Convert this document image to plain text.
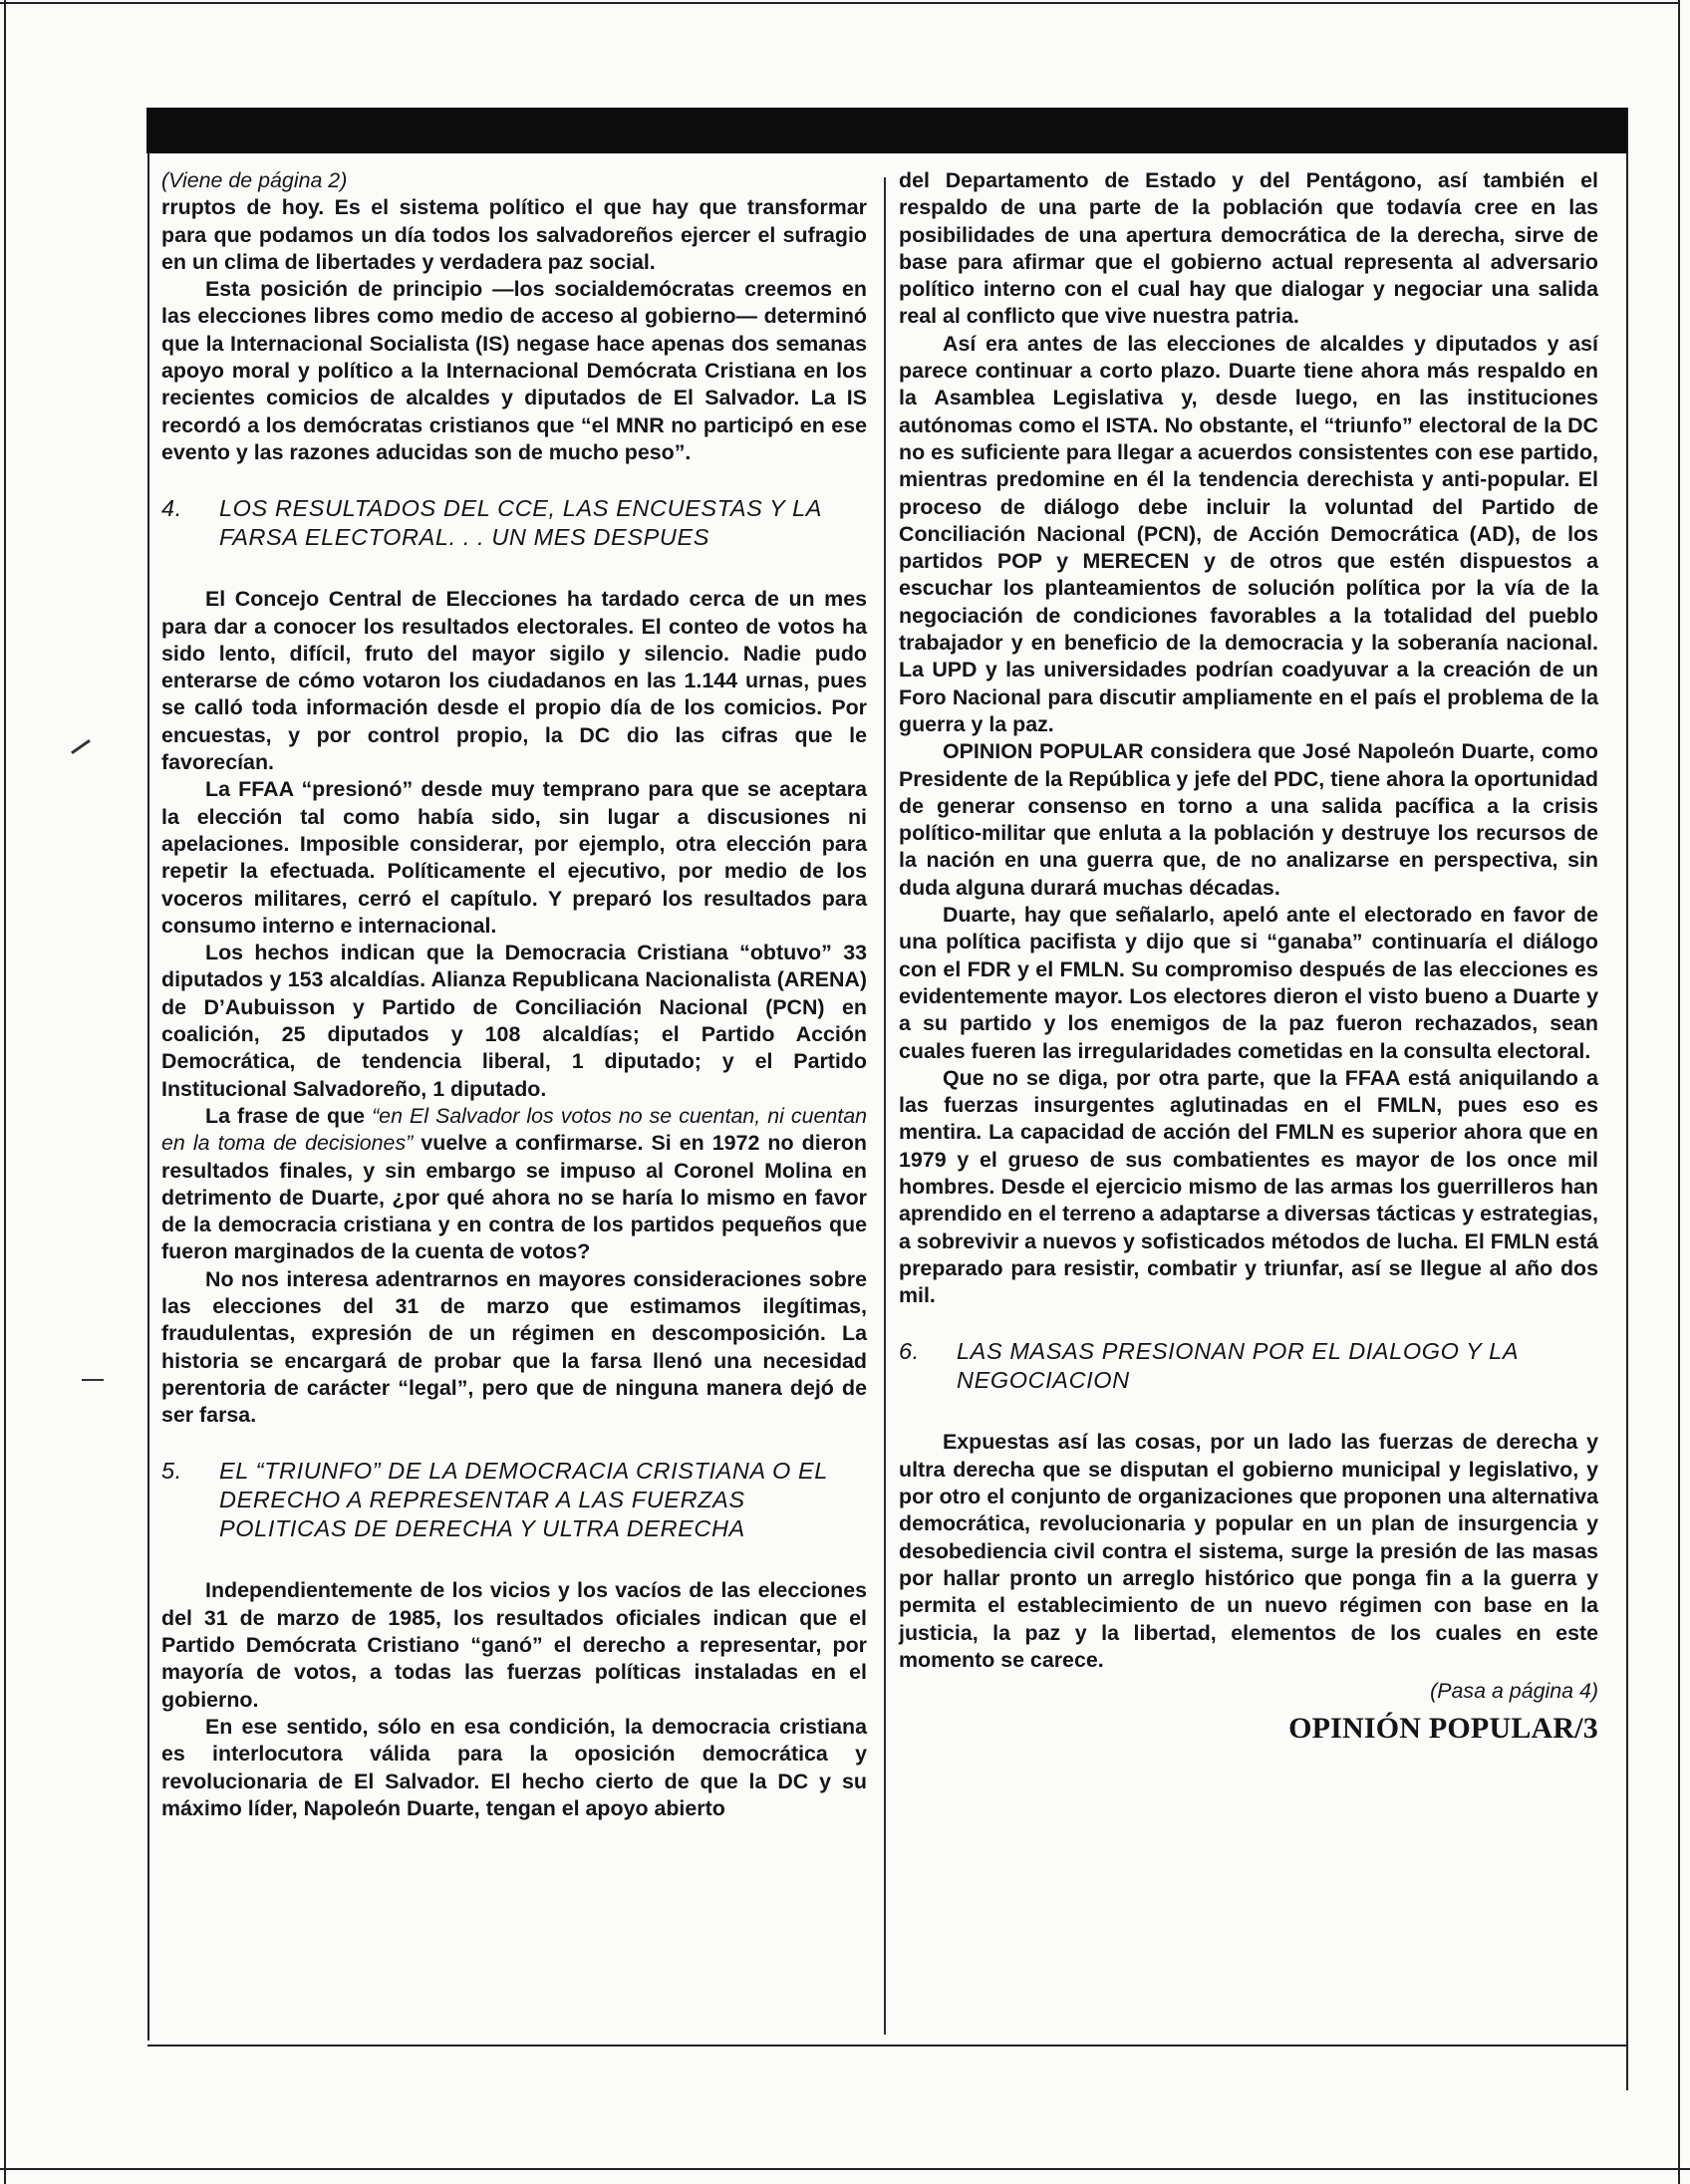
(Viene de página 2)

rruptos de hoy. Es el sistema político el que hay que transformar para que podamos un día todos los salvadoreños ejercer el sufragio en un clima de libertades y verdadera paz social.

Esta posición de principio —los socialdemócratas creemos en las elecciones libres como medio de acceso al gobierno— determinó que la Internacional Socialista (IS) negase hace apenas dos semanas apoyo moral y político a la Internacional Demócrata Cristiana en los recientes comicios de alcaldes y diputados de El Salvador. La IS recordó a los demócratas cristianos que “el MNR no participó en ese evento y las razones aducidas son de mucho peso”.

4.	LOS RESULTADOS DEL CCE, LAS ENCUESTAS Y LA FARSA ELECTORAL. . . UN MES DESPUES

El Concejo Central de Elecciones ha tardado cerca de un mes para dar a conocer los resultados electorales. El conteo de votos ha sido lento, difícil, fruto del mayor sigilo y silencio. Nadie pudo enterarse de cómo votaron los ciudadanos en las 1.144 urnas, pues se calló toda información desde el propio día de los comicios. Por encuestas, y por control propio, la DC dio las cifras que le favorecían.

La FFAA “presionó” desde muy temprano para que se aceptara la elección tal como había sido, sin lugar a discusiones ni apelaciones. Imposible considerar, por ejemplo, otra elección para repetir la efectuada. Políticamente el ejecutivo, por medio de los voceros militares, cerró el capítulo. Y preparó los resultados para consumo interno e internacional.

Los hechos indican que la Democracia Cristiana “obtuvo” 33 diputados y 153 alcaldías. Alianza Republicana Nacionalista (ARENA) de D’Aubuisson y Partido de Conciliación Nacional (PCN) en coalición, 25 diputados y 108 alcaldías; el Partido Acción Democrática, de tendencia liberal, 1 diputado; y el Partido Institucional Salvadoreño, 1 diputado.

La frase de que “en El Salvador los votos no se cuentan, ni cuentan en la toma de decisiones” vuelve a confirmarse. Si en 1972 no dieron resultados finales, y sin embargo se impuso al Coronel Molina en detrimento de Duarte, ¿por qué ahora no se haría lo mismo en favor de la democracia cristiana y en contra de los partidos pequeños que fueron marginados de la cuenta de votos?

No nos interesa adentrarnos en mayores consideraciones sobre las elecciones del 31 de marzo que estimamos ilegítimas, fraudulentas, expresión de un régimen en descomposición. La historia se encargará de probar que la farsa llenó una necesidad perentoria de carácter “legal”, pero que de ninguna manera dejó de ser farsa.

5.	EL “TRIUNFO” DE LA DEMOCRACIA CRISTIANA O EL DERECHO A REPRESENTAR A LAS FUERZAS POLITICAS DE DERECHA Y ULTRA DERECHA

Independientemente de los vicios y los vacíos de las elecciones del 31 de marzo de 1985, los resultados oficiales indican que el Partido Demócrata Cristiano “ganó” el derecho a representar, por mayoría de votos, a todas las fuerzas políticas instaladas en el gobierno.

En ese sentido, sólo en esa condición, la democracia cristiana es interlocutora válida para la oposición democrática y revolucionaria de El Salvador. El hecho cierto de que la DC y su máximo líder, Napoleón Duarte, tengan el apoyo abierto

del Departamento de Estado y del Pentágono, así también el respaldo de una parte de la población que todavía cree en las posibilidades de una apertura democrática de la derecha, sirve de base para afirmar que el gobierno actual representa al adversario político interno con el cual hay que dialogar y negociar una salida real al conflicto que vive nuestra patria.

Así era antes de las elecciones de alcaldes y diputados y así parece continuar a corto plazo. Duarte tiene ahora más respaldo en la Asamblea Legislativa y, desde luego, en las instituciones autónomas como el ISTA. No obstante, el “triunfo” electoral de la DC no es suficiente para llegar a acuerdos consistentes con ese partido, mientras predomine en él la tendencia derechista y anti-popular. El proceso de diálogo debe incluir la voluntad del Partido de Conciliación Nacional (PCN), de Acción Democrática (AD), de los partidos POP y MERECEN y de otros que estén dispuestos a escuchar los planteamientos de solución política por la vía de la negociación de condiciones favorables a la totalidad del pueblo trabajador y en beneficio de la democracia y la soberanía nacional. La UPD y las universidades podrían coadyuvar a la creación de un Foro Nacional para discutir ampliamente en el país el problema de la guerra y la paz.

OPINION POPULAR considera que José Napoleón Duarte, como Presidente de la República y jefe del PDC, tiene ahora la oportunidad de generar consenso en torno a una salida pacífica a la crisis político-militar que enluta a la población y destruye los recursos de la nación en una guerra que, de no analizarse en perspectiva, sin duda alguna durará muchas décadas.

Duarte, hay que señalarlo, apeló ante el electorado en favor de una política pacifista y dijo que si “ganaba” continuaría el diálogo con el FDR y el FMLN. Su compromiso después de las elecciones es evidentemente mayor. Los electores dieron el visto bueno a Duarte y a su partido y los enemigos de la paz fueron rechazados, sean cuales fueren las irregularidades cometidas en la consulta electoral.

Que no se diga, por otra parte, que la FFAA está aniquilando a las fuerzas insurgentes aglutinadas en el FMLN, pues eso es mentira. La capacidad de acción del FMLN es superior ahora que en 1979 y el grueso de sus combatientes es mayor de los once mil hombres. Desde el ejercicio mismo de las armas los guerrilleros han aprendido en el terreno a adaptarse a diversas tácticas y estrategias, a sobrevivir a nuevos y sofisticados métodos de lucha. El FMLN está preparado para resistir, combatir y triunfar, así se llegue al año dos mil.

6.	LAS MASAS PRESIONAN POR EL DIALOGO Y LA NEGOCIACION

Expuestas así las cosas, por un lado las fuerzas de derecha y ultra derecha que se disputan el gobierno municipal y legislativo, y por otro el conjunto de organizaciones que proponen una alternativa democrática, revolucionaria y popular en un plan de insurgencia y desobediencia civil contra el sistema, surge la presión de las masas por hallar pronto un arreglo histórico que ponga fin a la guerra y permita el establecimiento de un nuevo régimen con base en la justicia, la paz y la libertad, elementos de los cuales en este momento se carece.

(Pasa a página 4)

OPINIÓN POPULAR/3
